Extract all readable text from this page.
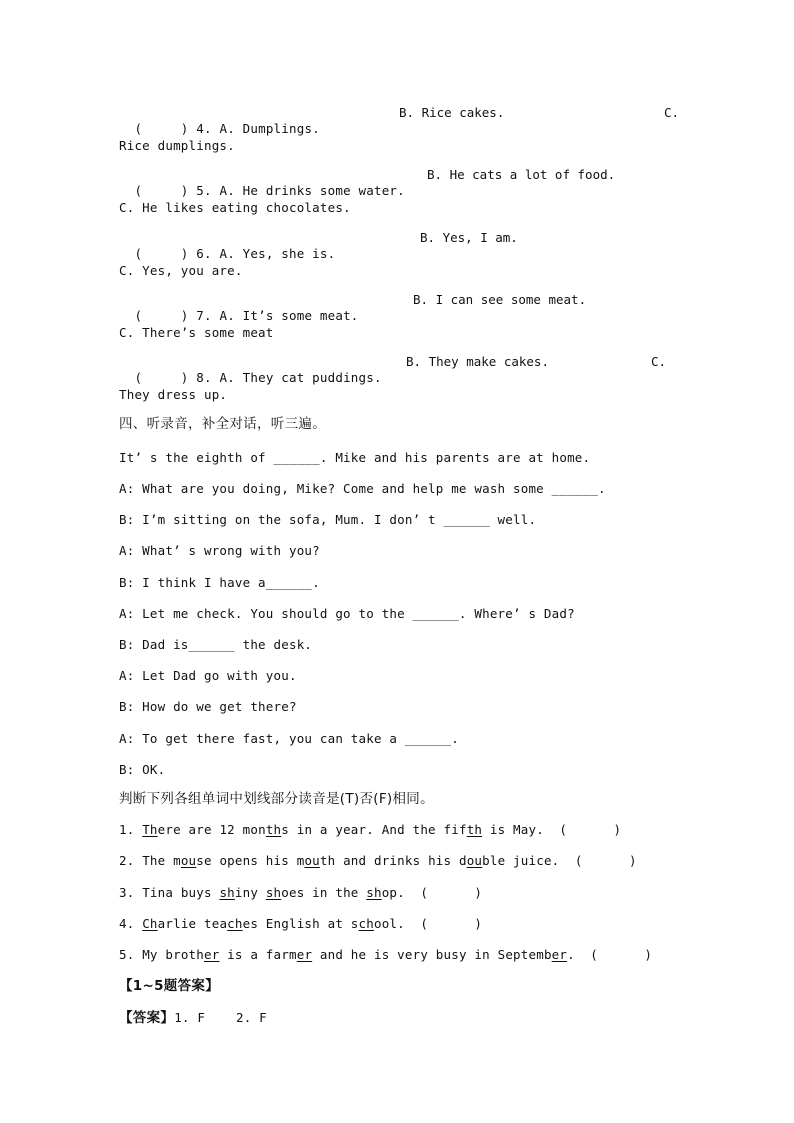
(     ) 4. A. Dumplings.

B. Rice cakes.	C.
Rice dumplings.

(     ) 5. A. He drinks some water.

B. He cats a lot of food.
C. He likes eating chocolates.

(     ) 6. A. Yes, she is.

B. Yes, I am.
C. Yes, you are.

(     ) 7. A. It’s some meat.

B. I can see some meat.
C. There’s some meat

(     ) 8. A. They cat puddings.

B. They make cakes.	C.
They dress up.
四、听录音，补全对话，听三遍。
It’ s the eighth of ______. Mike and his parents are at home.
A: What are you doing, Mike? Come and help me wash some ______.
B: I’m sitting on the sofa, Mum. I don’ t ______ well.
A: What’ s wrong with you?
B: I think I have a______.
A: Let me check. You should go to the ______. Where’ s Dad?
B: Dad is______ the desk.
A: Let Dad go with you.
B: How do we get there?
A: To get there fast, you can take a ______.
B: OK.
判断下列各组单词中划线部分读音是(T)否(F)相同。
1. There are 12 months in a year. And the fifth is May.  (      )
2. The mouse opens his mouth and drinks his double juice.  (      )
3. Tina buys shiny shoes in the shop.  (      )
4. Charlie teaches English at school.  (      )
5. My brother is a farmer and he is very busy in September.  (      )
【1~5题答案】
【答案】1. F    2. F
